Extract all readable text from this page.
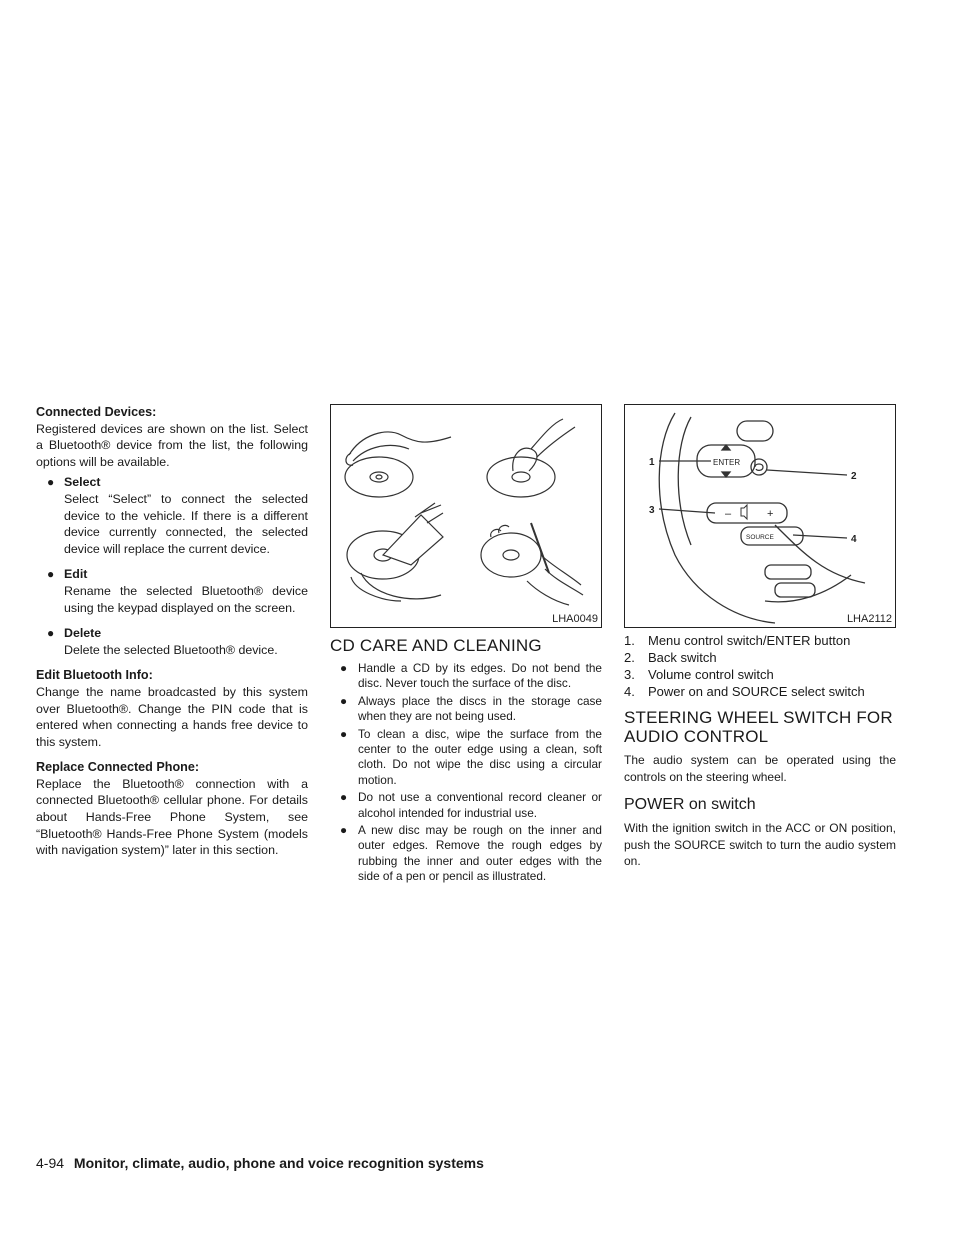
Connected Devices:

Registered devices are shown on the list. Select a Bluetooth® device from the list, the following options will be available.

● Select
Select “Select” to connect the selected device to the vehicle. If there is a different device currently connected, the selected device will replace the current device.
● Edit
Rename the selected Bluetooth® device using the keypad displayed on the screen.
● Delete
Delete the selected Bluetooth® device.

Edit Bluetooth Info:

Change the name broadcasted by this system over Bluetooth®. Change the PIN code that is entered when connecting a hands free device to this system.

Replace Connected Phone:

Replace the Bluetooth® connection with a connected Bluetooth® cellular phone. For details about Hands-Free Phone System, see “Bluetooth® Hands-Free Phone System (models with navigation system)” later in this section.

LHA0049
CD CARE AND CLEANING

● Handle a CD by its edges. Do not bend the disc. Never touch the surface of the disc.

● Always place the discs in the storage case when they are not being used.

● To clean a disc, wipe the surface from the center to the outer edge using a clean, soft cloth. Do not wipe the disc using a circular motion.

● Do not use a conventional record cleaner or alcohol intended for industrial use.

● A new disc may be rough on the inner and outer edges. Remove the rough edges by rubbing the inner and outer edges with the side of a pen or pencil as illustrated.

ENTER
SOURCE
–	+
1
2
3
4
LHA2112

1.	Menu control switch/ENTER button

2.	Back switch

3.	Volume control switch

4.	Power on and SOURCE select switch

STEERING WHEEL SWITCH FOR AUDIO CONTROL

The audio system can be operated using the controls on the steering wheel.

POWER on switch

With the ignition switch in the ACC or ON position, push the SOURCE switch to turn the audio system on.

4-94 Monitor, climate, audio, phone and voice recognition systems
